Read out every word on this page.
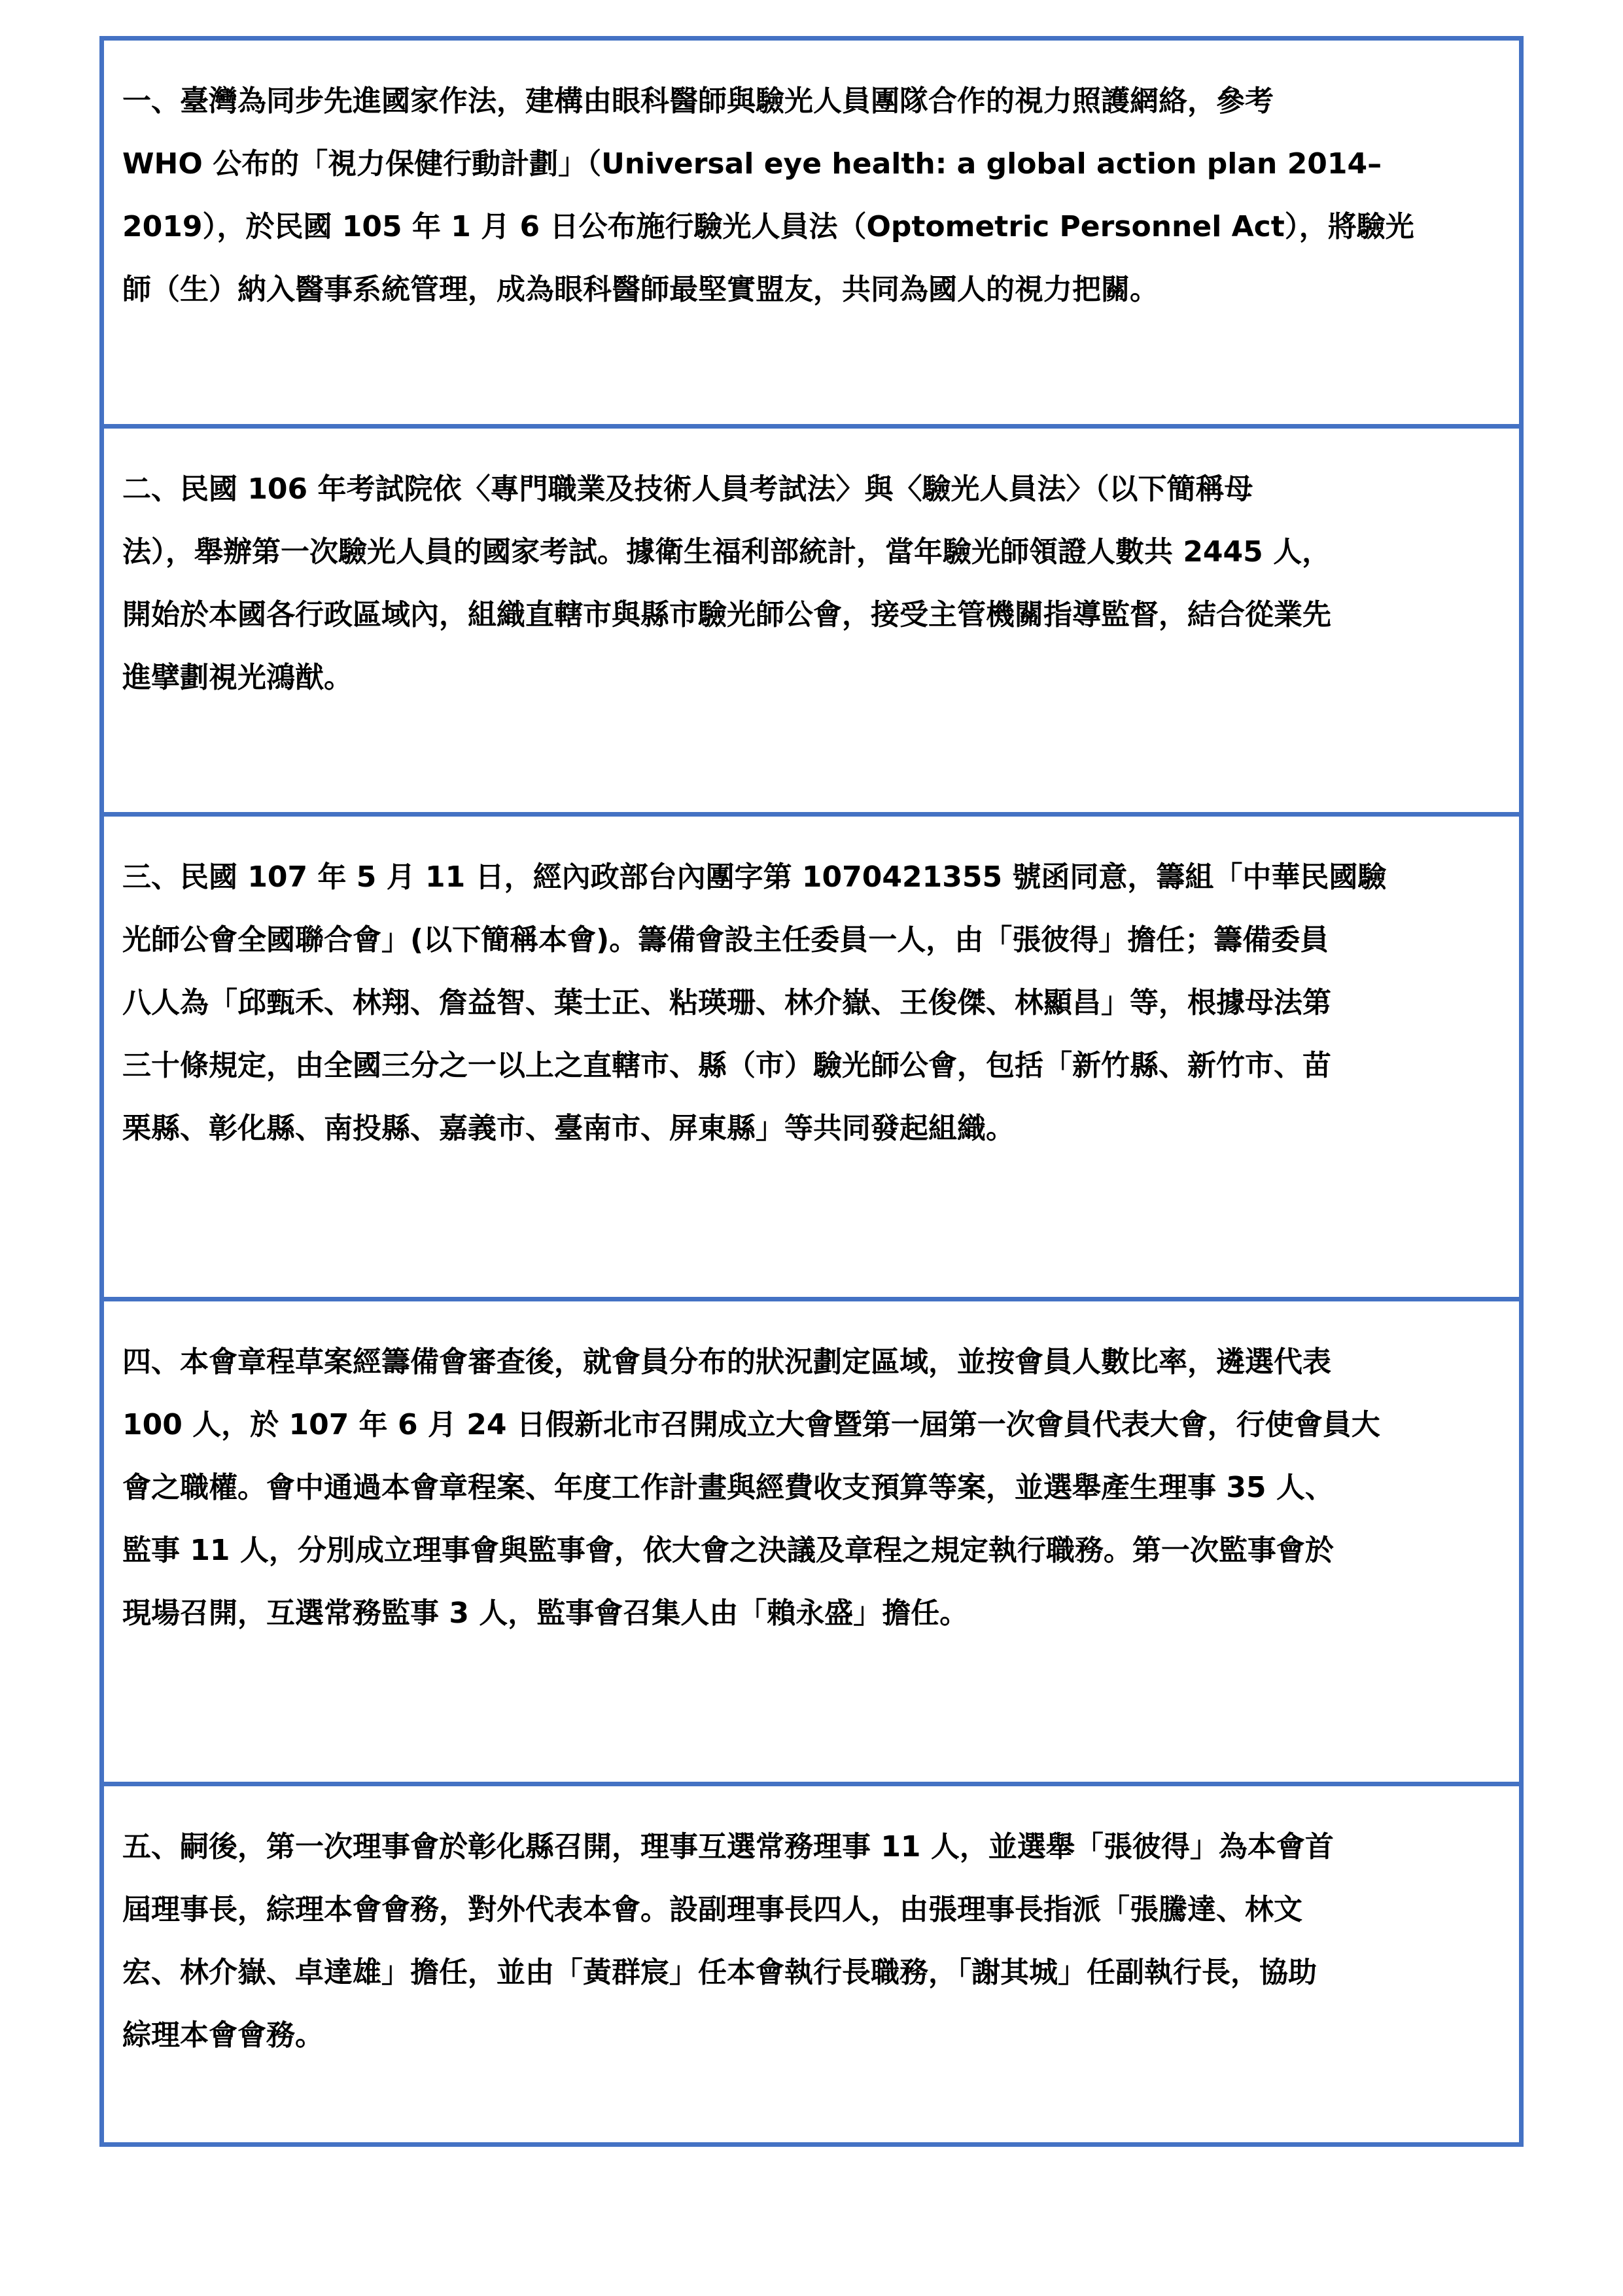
一、臺灣為同步先進國家作法，建構由眼科醫師與驗光人員團隊合作的視力照護網絡，參考
WHO 公布的「視力保健行動計劃」（Universal eye health: a global action plan 2014–
2019），於民國 105 年 1 月 6 日公布施行驗光人員法（Optometric Personnel Act），將驗光
師（生）納入醫事系統管理，成為眼科醫師最堅實盟友，共同為國人的視力把關。
二、民國 106 年考試院依〈專門職業及技術人員考試法〉與〈驗光人員法〉（以下簡稱母
法），舉辦第一次驗光人員的國家考試。據衛生福利部統計，當年驗光師領證人數共 2445 人，
開始於本國各行政區域內，組織直轄市與縣市驗光師公會，接受主管機關指導監督，結合從業先
進擘劃視光鴻猷。
三、民國 107 年 5 月 11 日，經內政部台內團字第 1070421355 號函同意，籌組「中華民國驗
光師公會全國聯合會」(以下簡稱本會)。籌備會設主任委員一人，由「張彼得」擔任；籌備委員
八人為「邱甄禾、林翔、詹益智、葉士正、粘瑛珊、林介嶽、王俊傑、林顯昌」等，根據母法第
三十條規定，由全國三分之一以上之直轄市、縣（市）驗光師公會，包括「新竹縣、新竹市、苗
栗縣、彰化縣、南投縣、嘉義市、臺南市、屏東縣」等共同發起組織。
四、本會章程草案經籌備會審查後，就會員分布的狀況劃定區域，並按會員人數比率，遴選代表
100 人，於 107 年 6 月 24 日假新北市召開成立大會暨第一屆第一次會員代表大會，行使會員大
會之職權。會中通過本會章程案、年度工作計畫與經費收支預算等案，並選舉產生理事 35 人、
監事 11 人，分別成立理事會與監事會，依大會之決議及章程之規定執行職務。第一次監事會於
現場召開，互選常務監事 3 人，監事會召集人由「賴永盛」擔任。
五、嗣後，第一次理事會於彰化縣召開，理事互選常務理事 11 人，並選舉「張彼得」為本會首
屆理事長，綜理本會會務，對外代表本會。設副理事長四人，由張理事長指派「張騰達、林文
宏、林介嶽、卓達雄」擔任，並由「黃群宸」任本會執行長職務，「謝其城」任副執行長，協助
綜理本會會務。
